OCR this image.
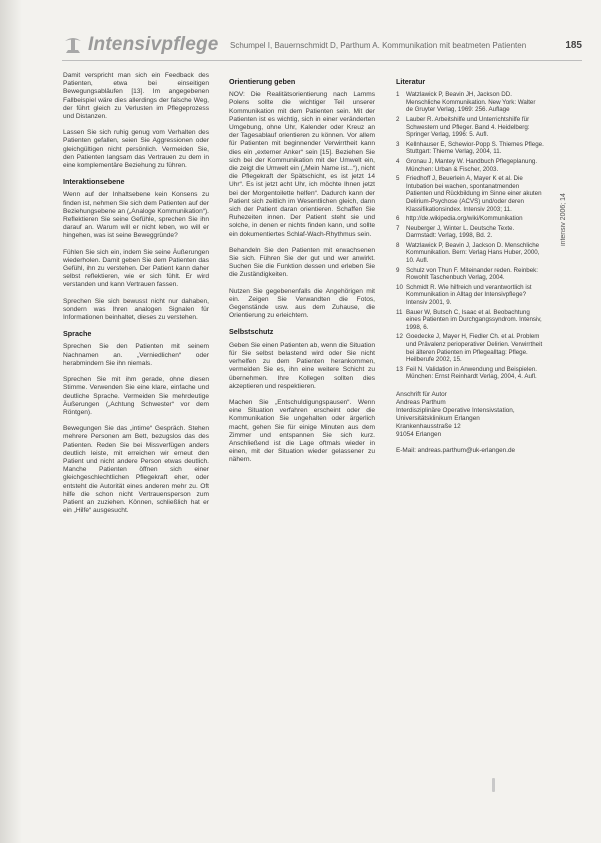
Intensivpflege Schumpel I, Bauernschmidt D, Parthum A. Kommunikation mit beatmeten Patienten	185
intensiv 2006; 14

Damit verspricht man sich ein Feedback des Patienten, etwa bei einseitigen Bewegungsabläufen [13]. Im angegebenen Fallbeispiel wäre dies allerdings der falsche Weg, der führt gleich zu Verlusten im Pflegeprozess und Distanzen.

Lassen Sie sich ruhig genug vom Verhalten des Patienten gefallen, seien Sie Aggressionen oder gleichgültigen nicht persönlich. Vermeiden Sie, den Patienten langsam das Vertrauen zu dem in eine komplementäre Beziehung zu führen.

Interaktionsebene

Wenn auf der Inhaltsebene kein Konsens zu finden ist, nehmen Sie sich dem Patienten auf der Beziehungsebene an („Analoge Kommunikation“). Reflektieren Sie seine Gefühle, sprechen Sie ihn darauf an. Warum will er nicht leben, wo will er hingehen, was ist seine Beweggründe?

Fühlen Sie sich ein, indem Sie seine Äußerungen wiederholen. Damit geben Sie dem Patienten das Gefühl, ihn zu verstehen. Der Patient kann daher selbst reflektieren, wie er sich fühlt. Er wird verstanden und kann Vertrauen fassen.

Sprechen Sie sich bewusst nicht nur dahaben, sondern was Ihren analogen Signalen für Informationen beinhaltet, dieses zu verstehen.

Sprache

Sprechen Sie den Patienten mit seinem Nachnamen an. „Verniedlichen“ oder herabmindern Sie ihn niemals.

Sprechen Sie mit ihm gerade, ohne diesen Stimme. Verwenden Sie eine klare, einfache und deutliche Sprache. Vermeiden Sie mehrdeutige Äußerungen („Achtung Schwester“ vor dem Röntgen).

Bewegungen Sie das „intime“ Gespräch. Stehen mehrere Personen am Bett, bezugslos das des Patienten. Reden Sie bei Missverfügen anders deutlich leiste, mit erreichen wir erneut den Patient und nicht andere Person etwas deutlich. Manche Patienten öffnen sich einer gleichgeschlechtlichen Pflegekraft eher, oder entsteht die Autorität eines anderen mehr zu. Oft hilfe die schon nicht Vertrauensperson zum Patient an zuziehen. Können, schließlich hat er ein „Hilfe“ ausgesucht.

Orientierung geben

NOV: Die Realitätsorientierung nach Lamms Polens sollte die wichtiger Teil unserer Kommunikation mit dem Patienten sein. Mit der Patienten ist es wichtig, sich in einer veränderten Umgebung, ohne Uhr, Kalender oder Kreuz an der Tagesablauf orientieren zu können. Vor allem für Patienten mit beginnender Verwirrtheit kann dies ein „externer Anker“ sein [15]. Beziehen Sie sich bei der Kommunikation mit der Umwelt ein, die zeigt die Umwelt ein („Mein Name ist...“), nicht die Pflegekraft der Spätschicht, es ist jetzt 14 Uhr“. Es ist jetzt acht Uhr, ich möchte Ihnen jetzt bei der Morgentoilette helfen“. Dadurch kann der Patient sich zeitlich im Wesentlichen gleich, dann sich der Patient daran orientieren. Schaffen Sie Ruhezeiten innen. Der Patient steht sie und solche, in denen er nichts finden kann, und sollte ein dokumentiertes Schlaf-Wach-Rhythmus sein.

Behandeln Sie den Patienten mit erwachsenen Sie sich. Führen Sie der gut und wer anwirkt. Suchen Sie die Funktion dessen und erleben Sie die Zuständigkeiten.

Nutzen Sie gegebenenfalls die Angehörigen mit ein. Zeigen Sie Verwandten die Fotos, Gegenstände usw. aus dem Zuhause, die Orientierung zu erleichtern.

Selbstschutz

Geben Sie einen Patienten ab, wenn die Situation für Sie selbst belastend wird oder Sie nicht verhelfen zu dem Patienten herankommen, vermeiden Sie es, ihn eine weitere Schicht zu übernehmen. Ihre Kollegen sollten dies akzeptieren und respektieren.

Machen Sie „Entschuldigungspausen“. Wenn eine Situation verfahren erscheint oder die Kommunikation Sie ungehalten oder ärgerlich macht, gehen Sie für einige Minuten aus dem Zimmer und entspannen Sie sich kurz. Anschließend ist die Lage oftmals wieder in einen, mit der Situation wieder gelassener zu nähern.

Literatur
1 Watzlawick P, Beavin JH, Jackson DD. Menschliche Kommunikation. New York: Walter de Gruyter Verlag, 1969: 256. Auflage
2 Lauber R. Arbeitshilfe und Unterrichtshilfe für Schwestern und Pfleger. Band 4. Heidelberg: Springer Verlag, 1996: 5. Aufl.
3 Kellnhauser E, Schewior-Popp S. Thiemes Pflege. Stuttgart: Thieme Verlag, 2004, 11.
4 Gronau J, Mantey W. Handbuch Pflegeplanung. München: Urban & Fischer, 2003.
5 Friedhoff J, Beuerlein A, Mayer K et al. Die Intubation bei wachen, spontanatmenden Patienten und Rückbildung im Sinne einer akuten Delirium-Psychose (ACVS) und/oder deren Klassifikationsindex. Intensiv 2003; 11.
6 http://de.wikipedia.org/wiki/Kommunikation
7 Neuberger J, Winter L. Deutsche Texte. Darmstadt: Verlag, 1998, Bd. 2.
8 Watzlawick P, Beavin J, Jackson D. Menschliche Kommunikation. Bern: Verlag Hans Huber, 2000, 10. Aufl.
9 Schulz von Thun F. Miteinander reden. Reinbek: Rowohlt Taschenbuch Verlag, 2004.
10 Schmidt R. Wie hilfreich und verantwortlich ist Kommunikation in Alltag der Intensivpflege? Intensiv 2001, 9.
11 Bauer W, Butsch C, Isaac et al. Beobachtung eines Patienten im Durchgangssyndrom. Intensiv, 1998, 6.
12 Goedecke J, Mayer H, Fiedler Ch. et al. Problem und Prävalenz perioperativer Delirien. Verwirrtheit bei älteren Patienten im Pflegealltag: Pflege. Heilberufe 2002, 15.
13 Feil N. Validation in Anwendung und Beispielen. München: Ernst Reinhardt Verlag, 2004, 4. Aufl.
Anschrift für Autor
Andreas Parthum
Interdisziplinäre Operative Intensivstation, Universitätsklinikum Erlangen
Krankenhausstraße 12
91054 Erlangen
E-Mail: andreas.parthum@uk-erlangen.de
